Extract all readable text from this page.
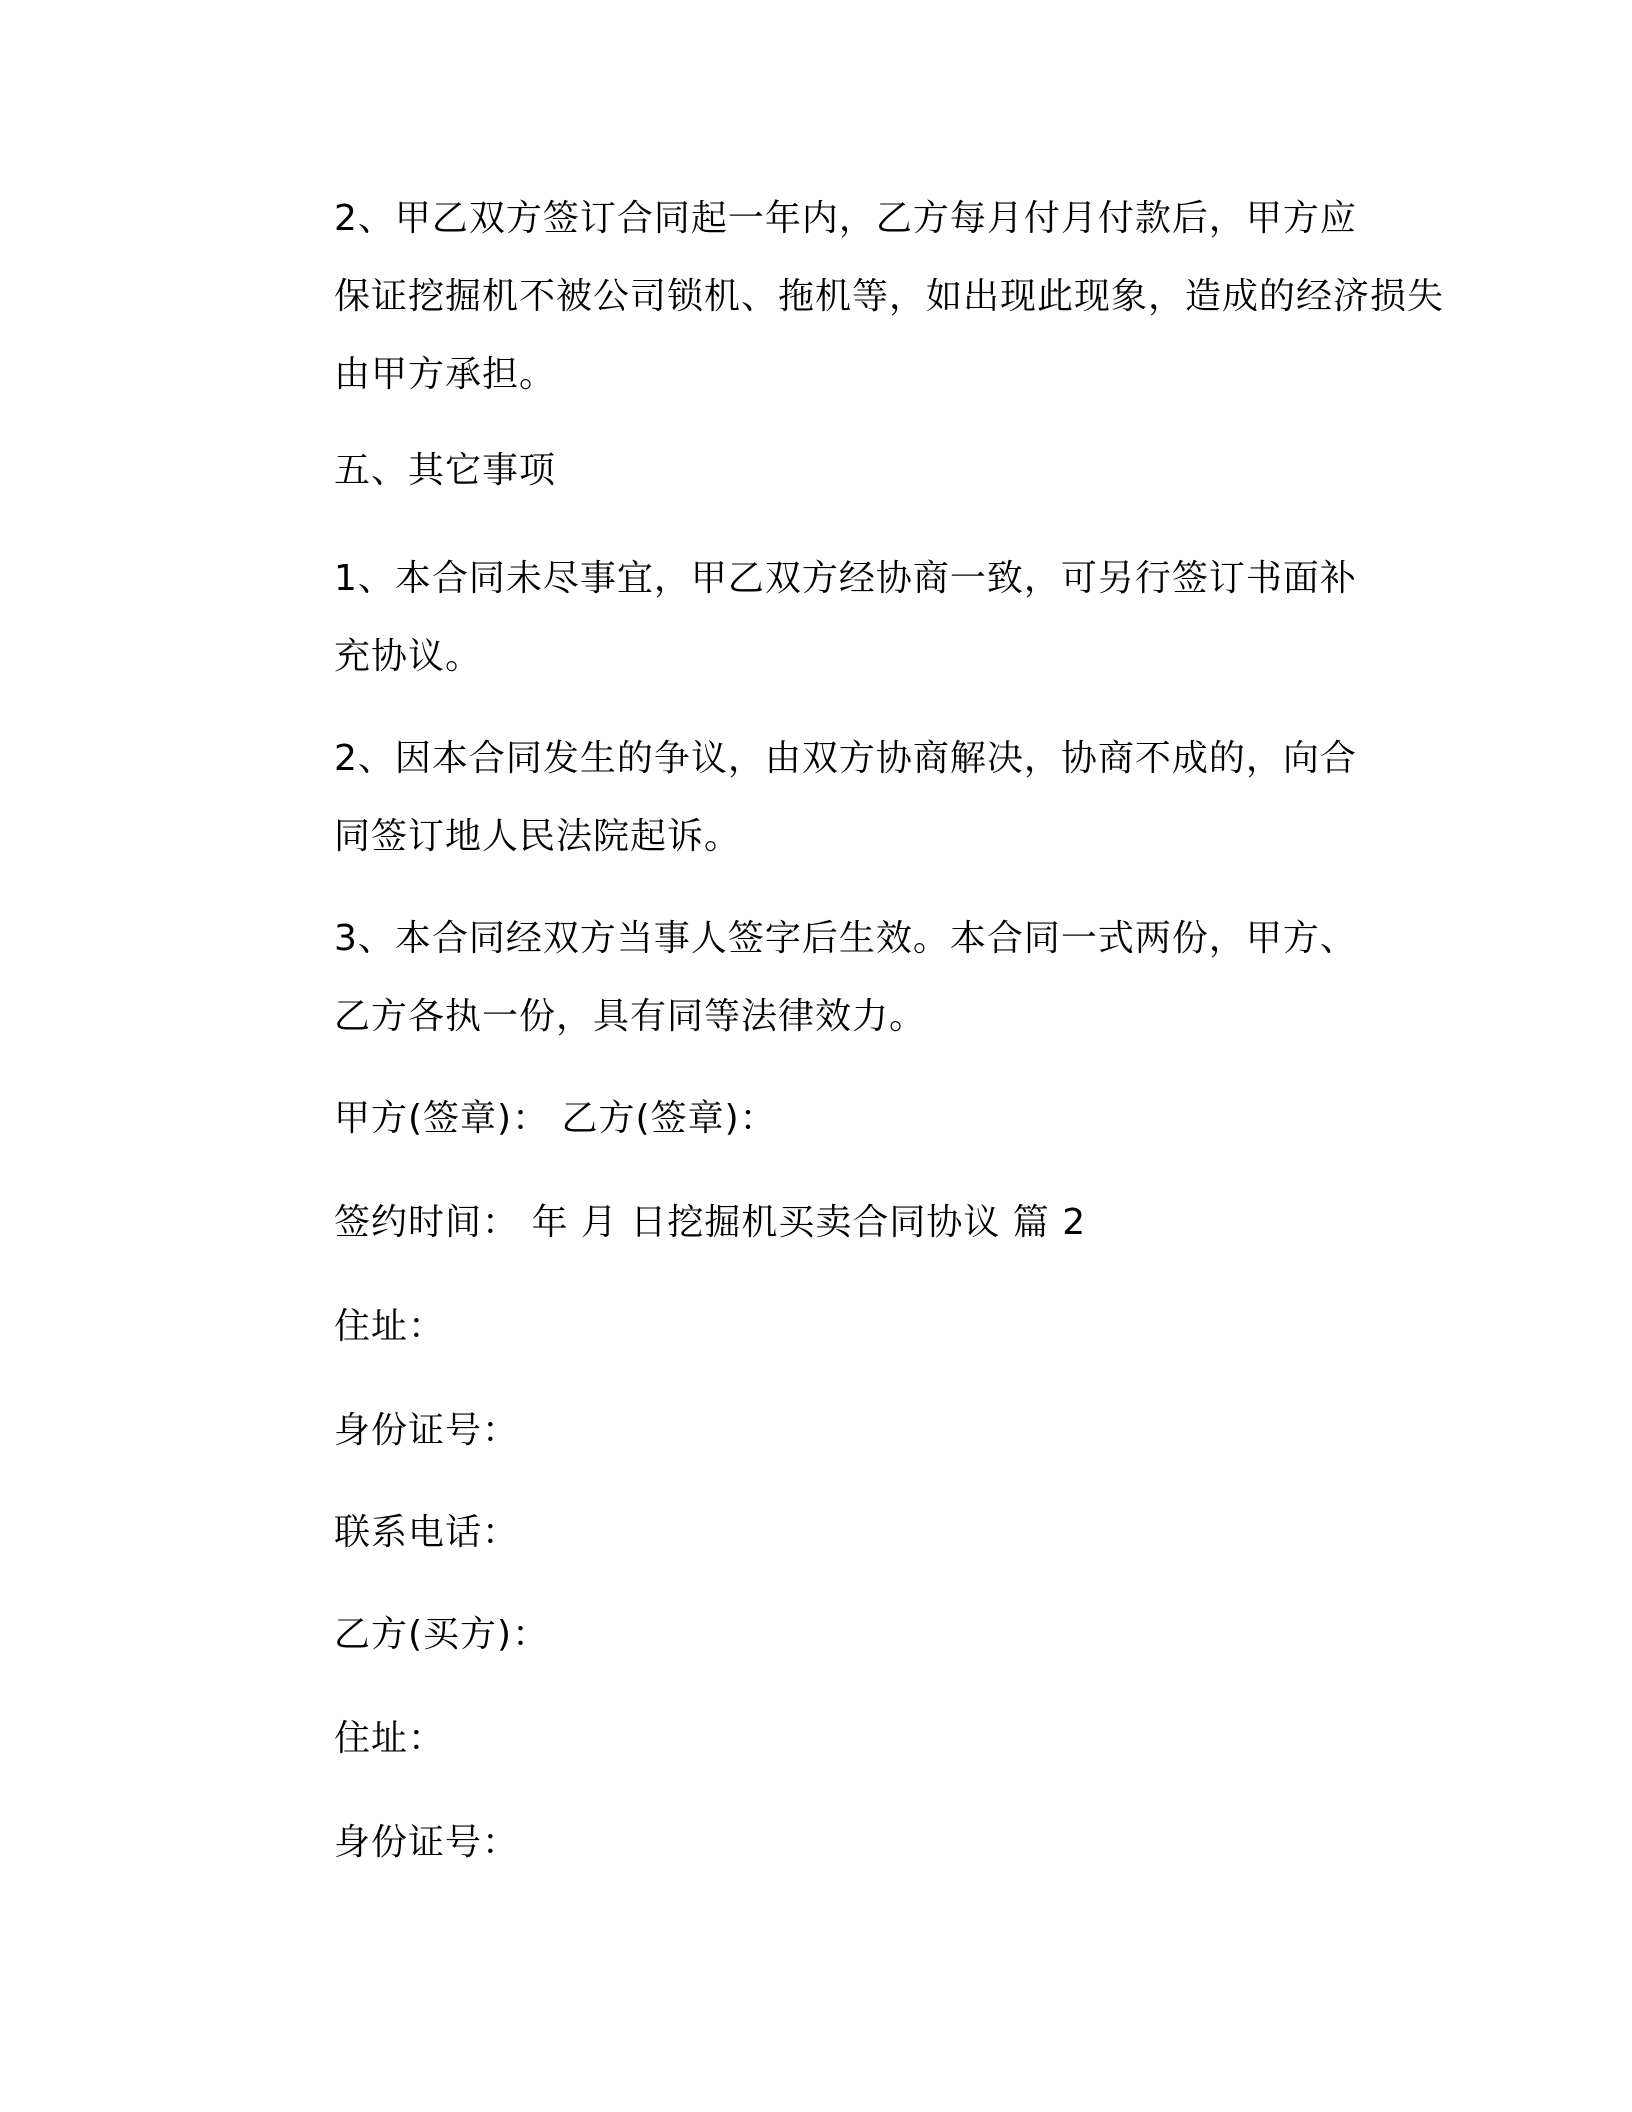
2、甲乙双方签订合同起一年内，乙方每月付月付款后，甲方应
保证挖掘机不被公司锁机、拖机等，如出现此现象，造成的经济损失
由甲方承担。
五、其它事项
1、本合同未尽事宜，甲乙双方经协商一致，可另行签订书面补
充协议。
2、因本合同发生的争议，由双方协商解决，协商不成的，向合
同签订地人民法院起诉。
3、本合同经双方当事人签字后生效。本合同一式两份，甲方、
乙方各执一份，具有同等法律效力。
甲方(签章)： 乙方(签章)：
签约时间： 年 月 日挖掘机买卖合同协议 篇 2
住址：
身份证号：
联系电话：
乙方(买方)：
住址：
身份证号：
